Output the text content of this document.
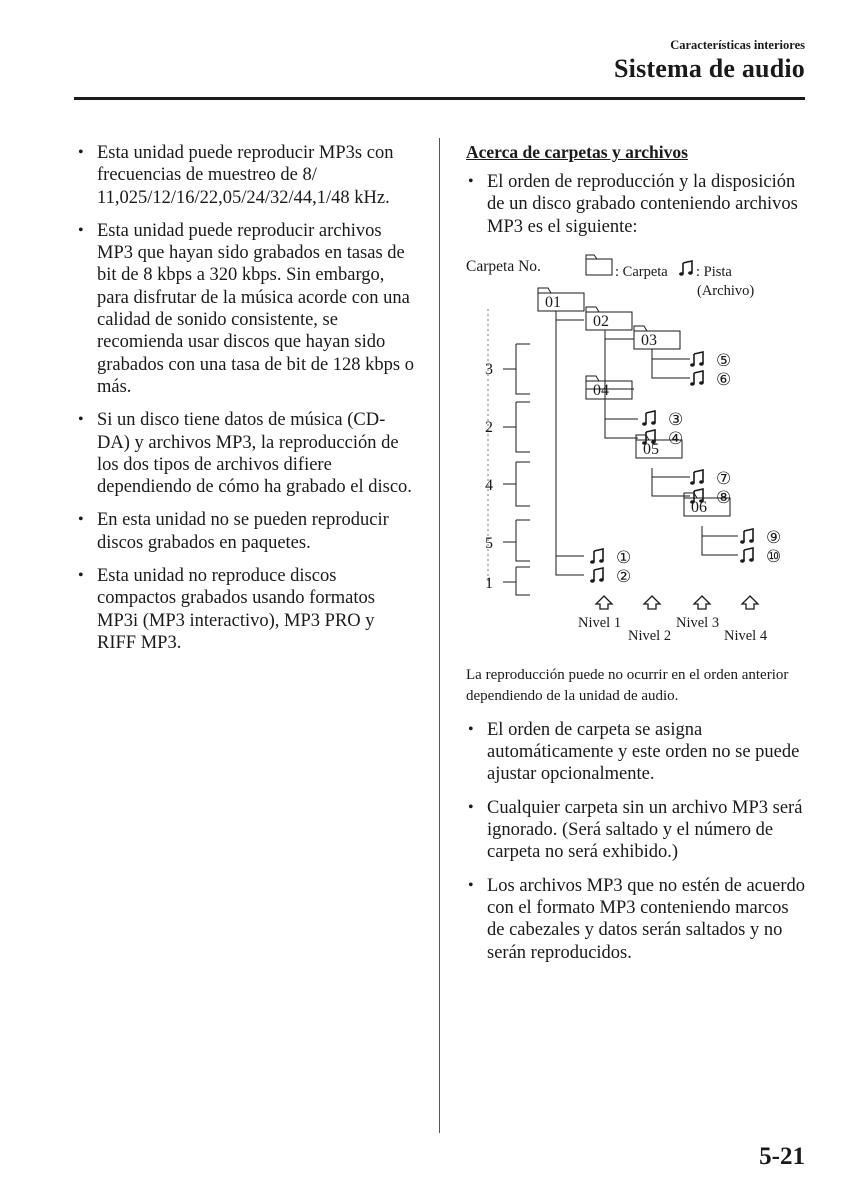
Características interiores
Sistema de audio
• Esta unidad puede reproducir MP3s con frecuencias de muestreo de 8/ 11,025/12/16/22,05/24/32/44,1/48 kHz.
• Esta unidad puede reproducir archivos MP3 que hayan sido grabados en tasas de bit de 8 kbps a 320 kbps. Sin embargo, para disfrutar de la música acorde con una calidad de sonido consistente, se recomienda usar discos que hayan sido grabados con una tasa de bit de 128 kbps o más.
• Si un disco tiene datos de música (CD-DA) y archivos MP3, la reproducción de los dos tipos de archivos difiere dependiendo de cómo ha grabado el disco.
• En esta unidad no se pueden reproducir discos grabados en paquetes.
• Esta unidad no reproduce discos compactos grabados usando formatos MP3i (MP3 interactivo), MP3 PRO y RIFF MP3.
Acerca de carpetas y archivos
• El orden de reproducción y la disposición de un disco grabado conteniendo archivos MP3 es el siguiente:
Carpeta No.	: Carpeta : Pista
(Archivo)
3
2
4
5
1
01
02
03
04
05
06
⑤
⑥
③
④
⑦
⑧
⑨
⑩
①
②
Nivel 1
Nivel 2
Nivel 3
Nivel 4
La reproducción puede no ocurrir en el orden anterior dependiendo de la unidad de audio.
• El orden de carpeta se asigna automáticamente y este orden no se puede ajustar opcionalmente.
• Cualquier carpeta sin un archivo MP3 será ignorado. (Será saltado y el número de carpeta no será exhibido.)
• Los archivos MP3 que no estén de acuerdo con el formato MP3 conteniendo marcos de cabezales y datos serán saltados y no serán reproducidos.
5-21
